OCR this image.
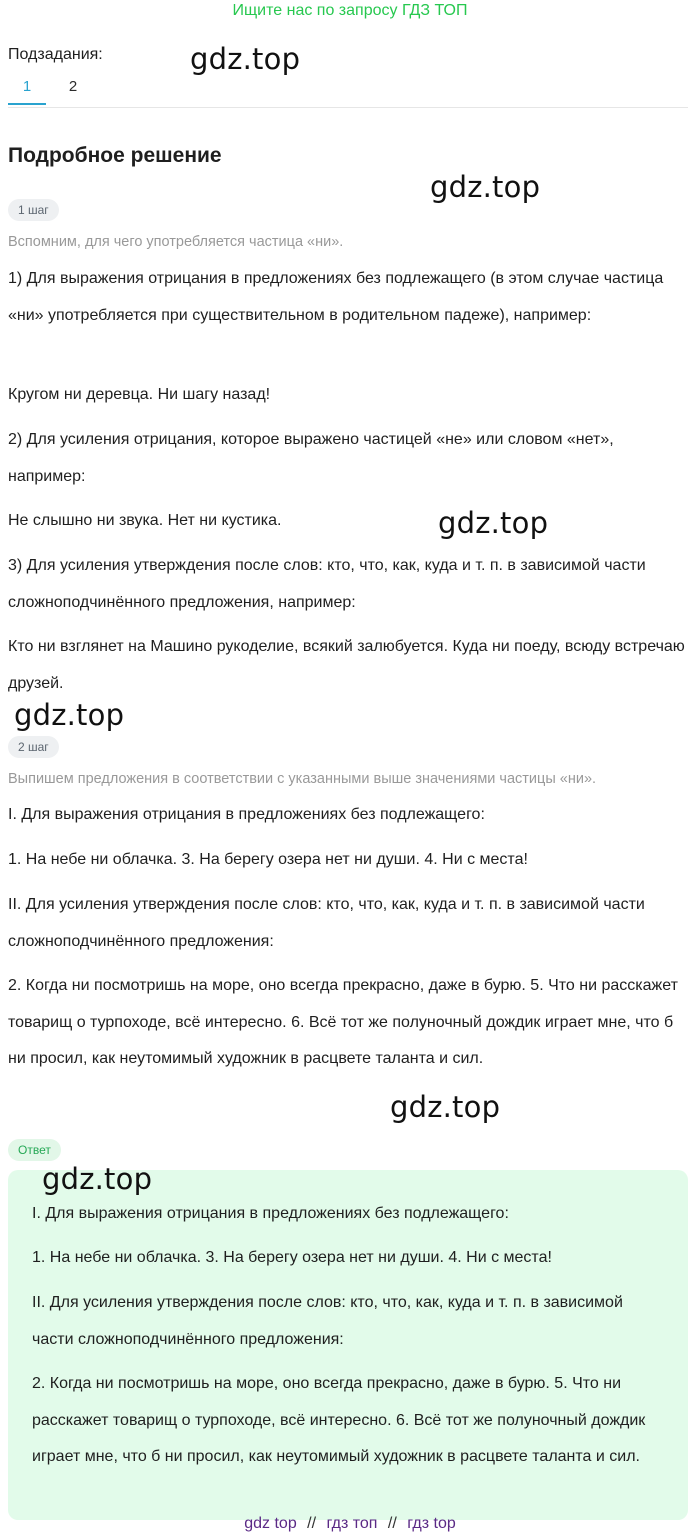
Ищите нас по запросу ГДЗ ТОП
Подзадания:
1	2
gdz.top
gdz.top
gdz.top
gdz.top
gdz.top
Подробное решение
1 шаг
Вспомним, для чего употребляется частица «ни».
1) Для выражения отрицания в предложениях без подлежащего (в этом случае частица «ни» употребляется при существительном в родительном падеже), например:
Кругом ни деревца. Ни шагу назад!
2) Для усиления отрицания, которое выражено частицей «не» или словом «нет», например:
Не слышно ни звука. Нет ни кустика.
3) Для усиления утверждения после слов: кто, что, как, куда и т. п. в зависимой части сложноподчинённого предложения, например:
Кто ни взглянет на Машино рукоделие, всякий залюбуется. Куда ни поеду, всюду встречаю друзей.
2 шаг
Выпишем предложения в соответствии с указанными выше значениями частицы «ни».
I. Для выражения отрицания в предложениях без подлежащего:
1. На небе ни облачка. 3. На берегу озера нет ни души. 4. Ни с места!
II. Для усиления утверждения после слов: кто, что, как, куда и т. п. в зависимой части сложноподчинённого предложения:
2. Когда ни посмотришь на море, оно всегда прекрасно, даже в бурю. 5. Что ни расскажет товарищ о турпоходе, всё интересно. 6. Всё тот же полуночный дождик играет мне, что б ни просил, как неутомимый художник в расцвете таланта и сил.
Ответ
gdz.top
I. Для выражения отрицания в предложениях без подлежащего:
1. На небе ни облачка. 3. На берегу озера нет ни души. 4. Ни с места!
II. Для усиления утверждения после слов: кто, что, как, куда и т. п. в зависимой части сложноподчинённого предложения:
2. Когда ни посмотришь на море, оно всегда прекрасно, даже в бурю. 5. Что ни расскажет товарищ о турпоходе, всё интересно. 6. Всё тот же полуночный дождик играет мне, что б ни просил, как неутомимый художник в расцвете таланта и сил.
gdz top // гдз топ // гдз top
